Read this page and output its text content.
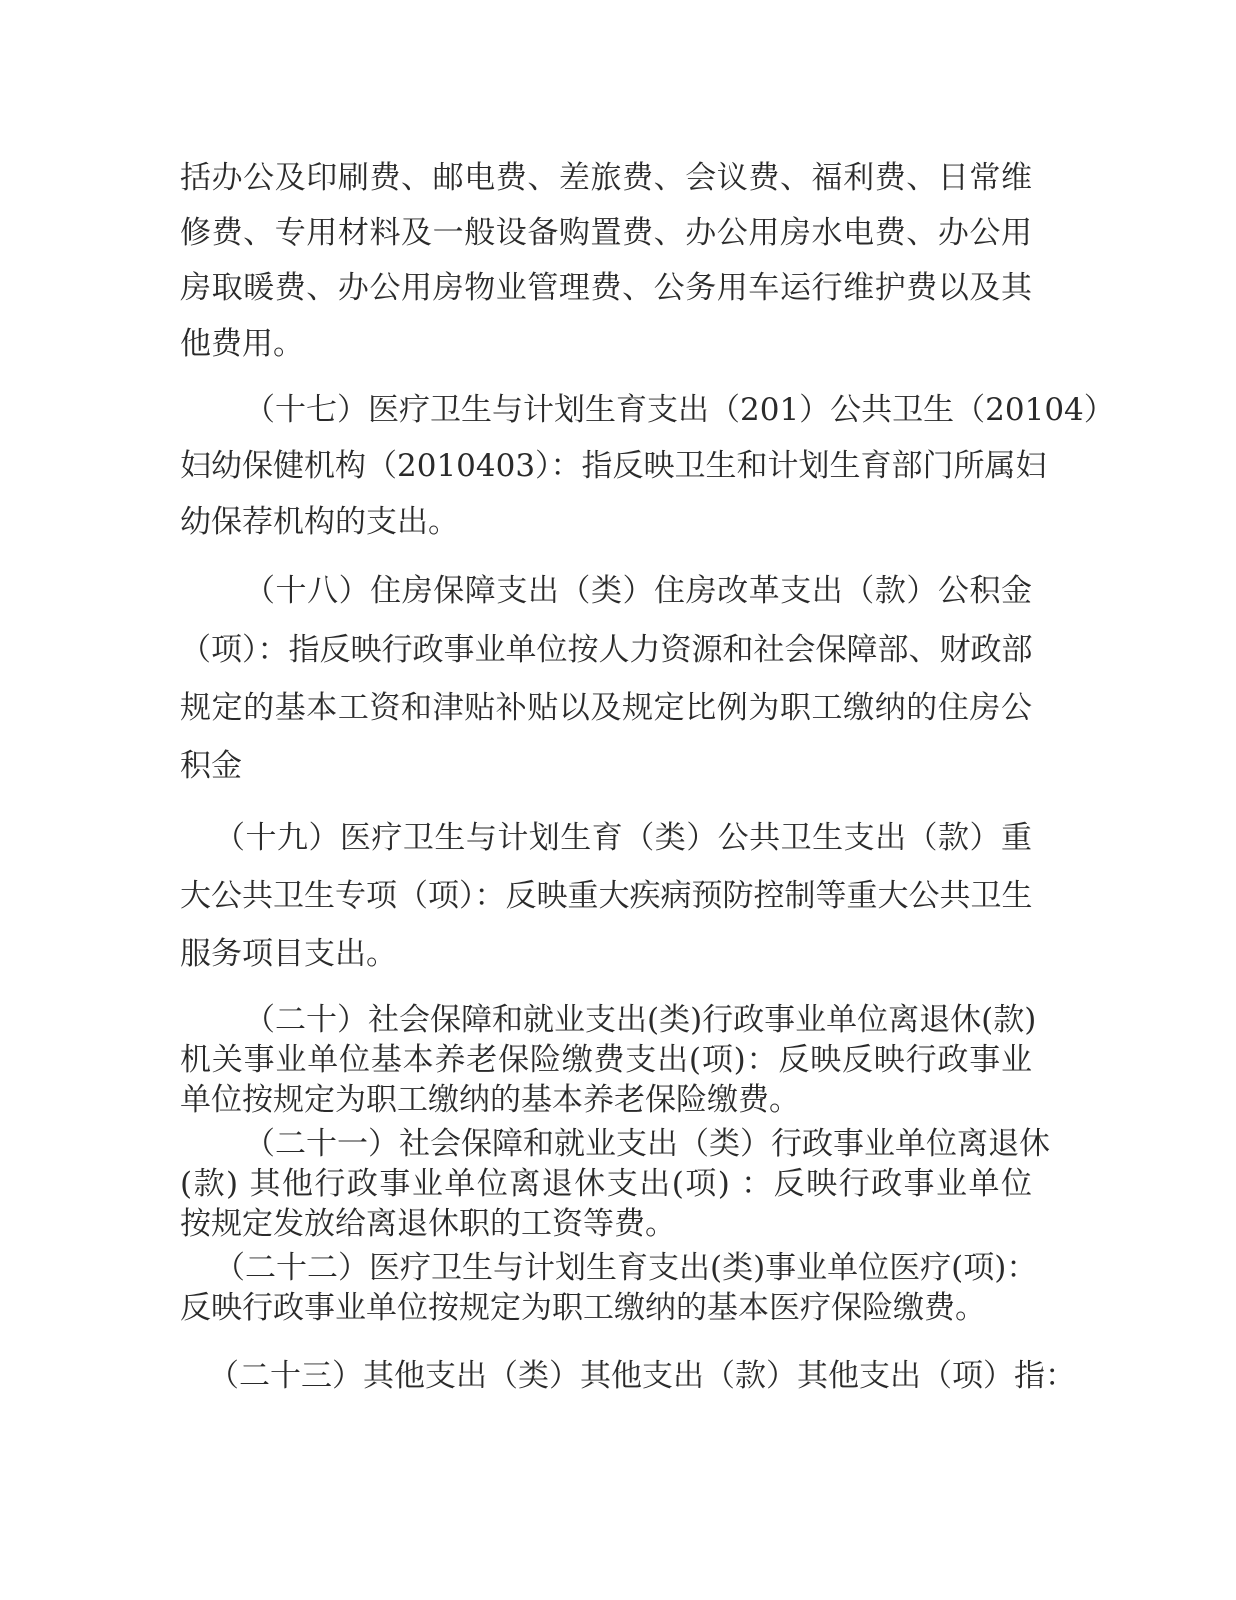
括办公及印刷费、邮电费、差旅费、会议费、福利费、日常维
修费、专用材料及一般设备购置费、办公用房水电费、办公用
房取暖费、办公用房物业管理费、公务用车运行维护费以及其
他费用。
（十七）医疗卫生与计划生育支出（201）公共卫生（20104）
妇幼保健机构（2010403）：指反映卫生和计划生育部门所属妇
幼保荐机构的支出。
（十八）住房保障支出（类）住房改革支出（款）公积金
（项）：指反映行政事业单位按人力资源和社会保障部、财政部
规定的基本工资和津贴补贴以及规定比例为职工缴纳的住房公
积金
（十九）医疗卫生与计划生育（类）公共卫生支出（款）重
大公共卫生专项（项）：反映重大疾病预防控制等重大公共卫生
服务项目支出。
（二十）社会保障和就业支出(类)行政事业单位离退休(款)
机关事业单位基本养老保险缴费支出(项)：反映反映行政事业
单位按规定为职工缴纳的基本养老保险缴费。
（二十一）社会保障和就业支出（类）行政事业单位离退休
(款) 其他行政事业单位离退休支出(项) ：反映行政事业单位
按规定发放给离退休职的工资等费。
（二十二）医疗卫生与计划生育支出(类)事业单位医疗(项)：
反映行政事业单位按规定为职工缴纳的基本医疗保险缴费。
（二十三）其他支出（类）其他支出（款）其他支出（项）指：
